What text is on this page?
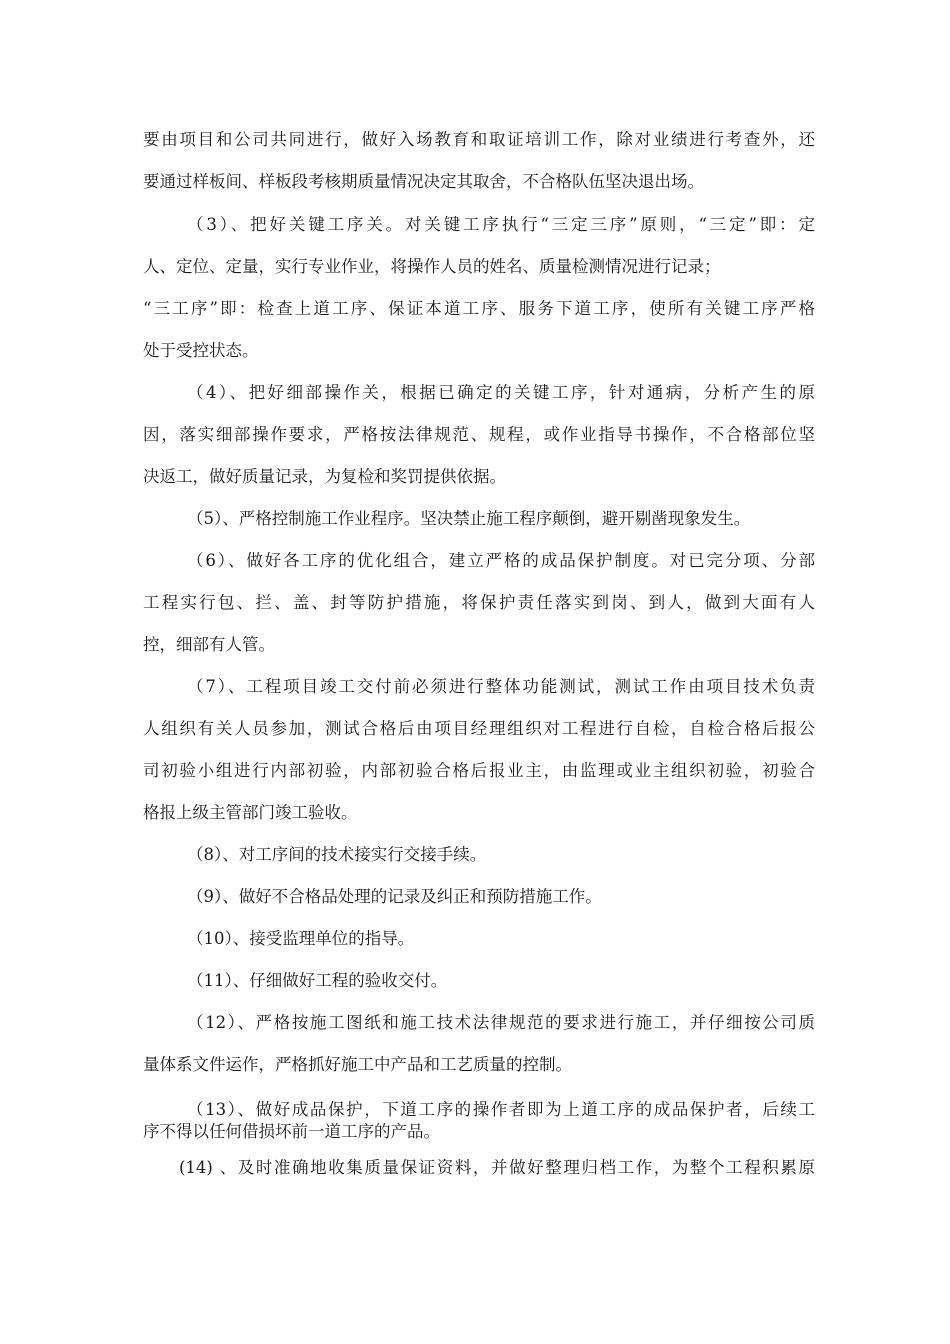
要由项目和公司共同进行，做好入场教育和取证培训工作，除对业绩进行考查外，还
要通过样板间、样板段考核期质量情况决定其取舍，不合格队伍坚决退出场。
（3）、把好关键工序关。对关键工序执行“三定三序”原则，“三定”即：定
人、定位、定量，实行专业作业，将操作人员的姓名、质量检测情况进行记录；
“三工序”即：检查上道工序、保证本道工序、服务下道工序，使所有关键工序严格
处于受控状态。
（4）、把好细部操作关，根据已确定的关键工序，针对通病，分析产生的原
因，落实细部操作要求，严格按法律规范、规程，或作业指导书操作，不合格部位坚
决返工，做好质量记录，为复检和奖罚提供依据。
（5）、严格控制施工作业程序。坚决禁止施工程序颠倒，避开剔凿现象发生。
（6）、做好各工序的优化组合，建立严格的成品保护制度。对已完分项、分部
工程实行包、拦、盖、封等防护措施，将保护责任落实到岗、到人，做到大面有人
控，细部有人管。
（7）、工程项目竣工交付前必须进行整体功能测试，测试工作由项目技术负责
人组织有关人员参加，测试合格后由项目经理组织对工程进行自检，自检合格后报公
司初验小组进行内部初验，内部初验合格后报业主，由监理或业主组织初验，初验合
格报上级主管部门竣工验收。
（8）、对工序间的技术接实行交接手续。
（9）、做好不合格品处理的记录及纠正和预防措施工作。
（10）、接受监理单位的指导。
（11）、仔细做好工程的验收交付。
（12）、严格按施工图纸和施工技术法律规范的要求进行施工，并仔细按公司质
量体系文件运作，严格抓好施工中产品和工艺质量的控制。
（13）、做好成品保护，下道工序的操作者即为上道工序的成品保护者，后续工
序不得以任何借损坏前一道工序的产品。
(14) 、及时准确地收集质量保证资料，并做好整理归档工作，为整个工程积累原
